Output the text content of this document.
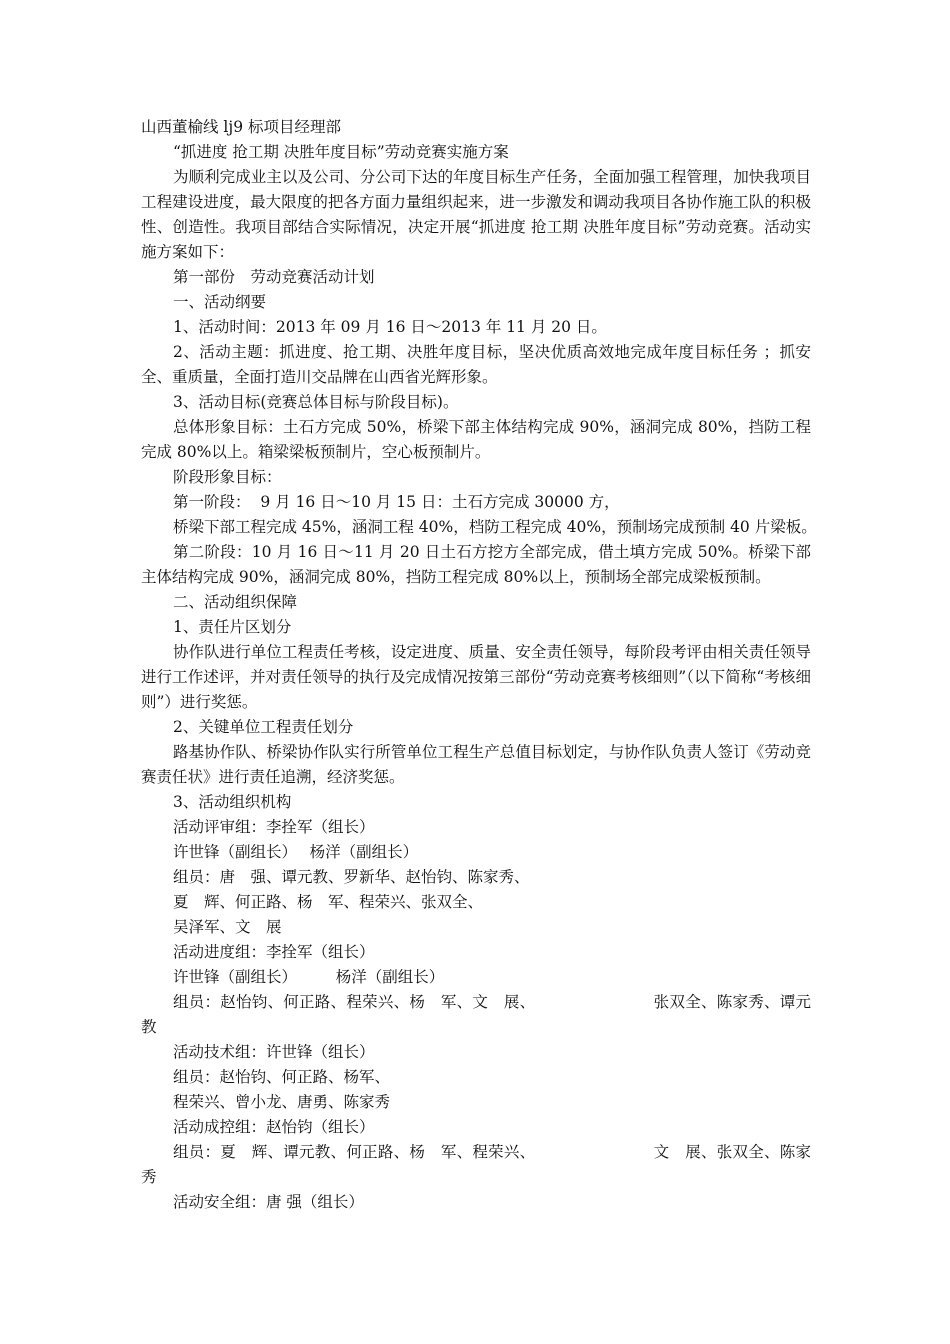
山西董榆线 lj9 标项目经理部
“抓进度 抢工期 决胜年度目标”劳动竞赛实施方案

为顺利完成业主以及公司、分公司下达的年度目标生产任务，全面加强工程管理，加快我项目工程建设进度，最大限度的把各方面力量组织起来，进一步激发和调动我项目各协作施工队的积极性、创造性。我项目部结合实际情况，决定开展“抓进度 抢工期 决胜年度目标”劳动竞赛。活动实施方案如下：

第一部份　劳动竞赛活动计划
一、活动纲要
1、活动时间：2013 年 09 月 16 日～2013 年 11 月 20 日。

2、活动主题：抓进度、抢工期、决胜年度目标，坚决优质高效地完成年度目标任务 ；抓安全、重质量，全面打造川交品牌在山西省光辉形象。

3、活动目标(竞赛总体目标与阶段目标)。

总体形象目标：土石方完成 50%，桥梁下部主体结构完成 90%，涵洞完成 80%，挡防工程完成 80%以上。箱梁梁板预制片，空心板预制片。

阶段形象目标：
第一阶段：  9 月 16 日～10 月 15 日：土石方完成 30000 方，
桥梁下部工程完成 45%，涵洞工程 40%，档防工程完成 40%，预制场完成预制 40 片梁板。

第二阶段：10 月 16 日～11 月 20 日土石方挖方全部完成，借土填方完成 50%。桥梁下部主体结构完成 90%，涵洞完成 80%，挡防工程完成 80%以上，预制场全部完成梁板预制。

二、活动组织保障
1、责任片区划分

协作队进行单位工程责任考核，设定进度、质量、安全责任领导，每阶段考评由相关责任领导进行工作述评，并对责任领导的执行及完成情况按第三部份“劳动竞赛考核细则”（以下简称“考核细则”）进行奖惩。

2、关键单位工程责任划分

路基协作队、桥梁协作队实行所管单位工程生产总值目标划定，与协作队负责人签订《劳动竞赛责任状》进行责任追溯，经济奖惩。

3、活动组织机构
活动评审组：李拴军（组长）
许世锋（副组长）　 杨洋（副组长）
组员：唐　强、谭元教、罗新华、赵怡钧、陈家秀、
夏　辉、何正路、杨　军、程荣兴、张双全、
吴泽军、文　展
活动进度组：李拴军（组长）
许世锋（副组长）　　　杨洋（副组长）

组员：赵怡钧、何正路、程荣兴、杨　军、文　展、　　　　　　　　张双全、陈家秀、谭元教

活动技术组：许世锋（组长）
组员：赵怡钧、何正路、杨军、
程荣兴、曾小龙、唐勇、陈家秀
活动成控组：赵怡钧（组长）

组员：夏　辉、谭元教、何正路、杨　军、程荣兴、　　　　　　　　文　展、张双全、陈家秀

活动安全组：唐 强（组长）
